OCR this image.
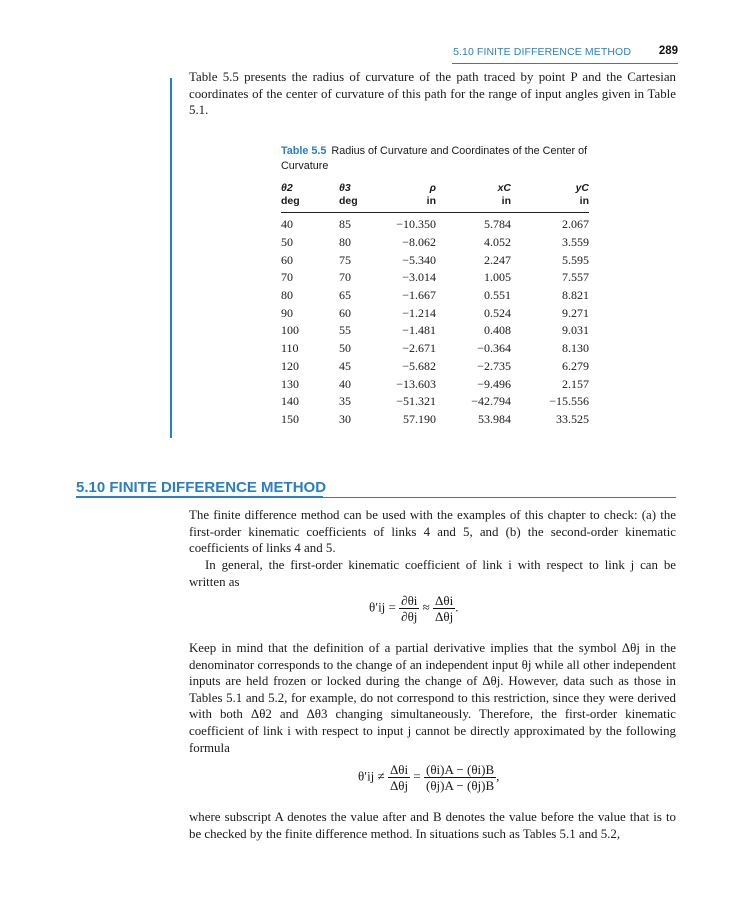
5.10 FINITE DIFFERENCE METHOD 289

Table 5.5 presents the radius of curvature of the path traced by point P and the Cartesian coordinates of the center of curvature of this path for the range of input angles given in Table 5.1.

Table 5.5 Radius of Curvature and Coordinates of the Center of Curvature
θ2	θ3	ρ	xC	yC
deg	deg	in	in	in
40	85	−10.350	5.784	2.067
50	80	−8.062	4.052	3.559
60	75	−5.340	2.247	5.595
70	70	−3.014	1.005	7.557
80	65	−1.667	0.551	8.821
90	60	−1.214	0.524	9.271
100	55	−1.481	0.408	9.031
110	50	−2.671	−0.364	8.130
120	45	−5.682	−2.735	6.279
130	40	−13.603	−9.496	2.157
140	35	−51.321	−42.794	−15.556
150	30	57.190	53.984	33.525
5.10 FINITE DIFFERENCE METHOD

The finite difference method can be used with the examples of this chapter to check: (a) the first-order kinematic coefficients of links 4 and 5, and (b) the second-order kinematic coefficients of links 4 and 5.

In general, the first-order kinematic coefficient of link i with respect to link j can be written as

$\theta'ij = \frac{\partial\theta i}{\partial\theta j} \approx \frac{\text{Δθi}}{\text{Δθj}}$ .

Keep in mind that the definition of a partial derivative implies that the symbol Δθj in the denominator corresponds to the change of an independent input θj while all other independent inputs are held frozen or locked during the change of Δθj. However, data such as those in Tables 5.1 and 5.2, for example, do not correspond to this restriction, since they were derived with both Δθ2 and Δθ3 changing simultaneously. Therefore, the first-order kinematic coefficient of link i with respect to input j cannot be directly approximated by the following formula

$\theta'ij \ne \frac{\text{Δθi}}{\text{Δθj}} = \frac{(\theta i)A - (\theta i)B}{(\theta j)A - (\theta j)B}$ ,

where subscript A denotes the value after and B denotes the value before the value that is to be checked by the finite difference method. In situations such as Tables 5.1 and 5.2,
